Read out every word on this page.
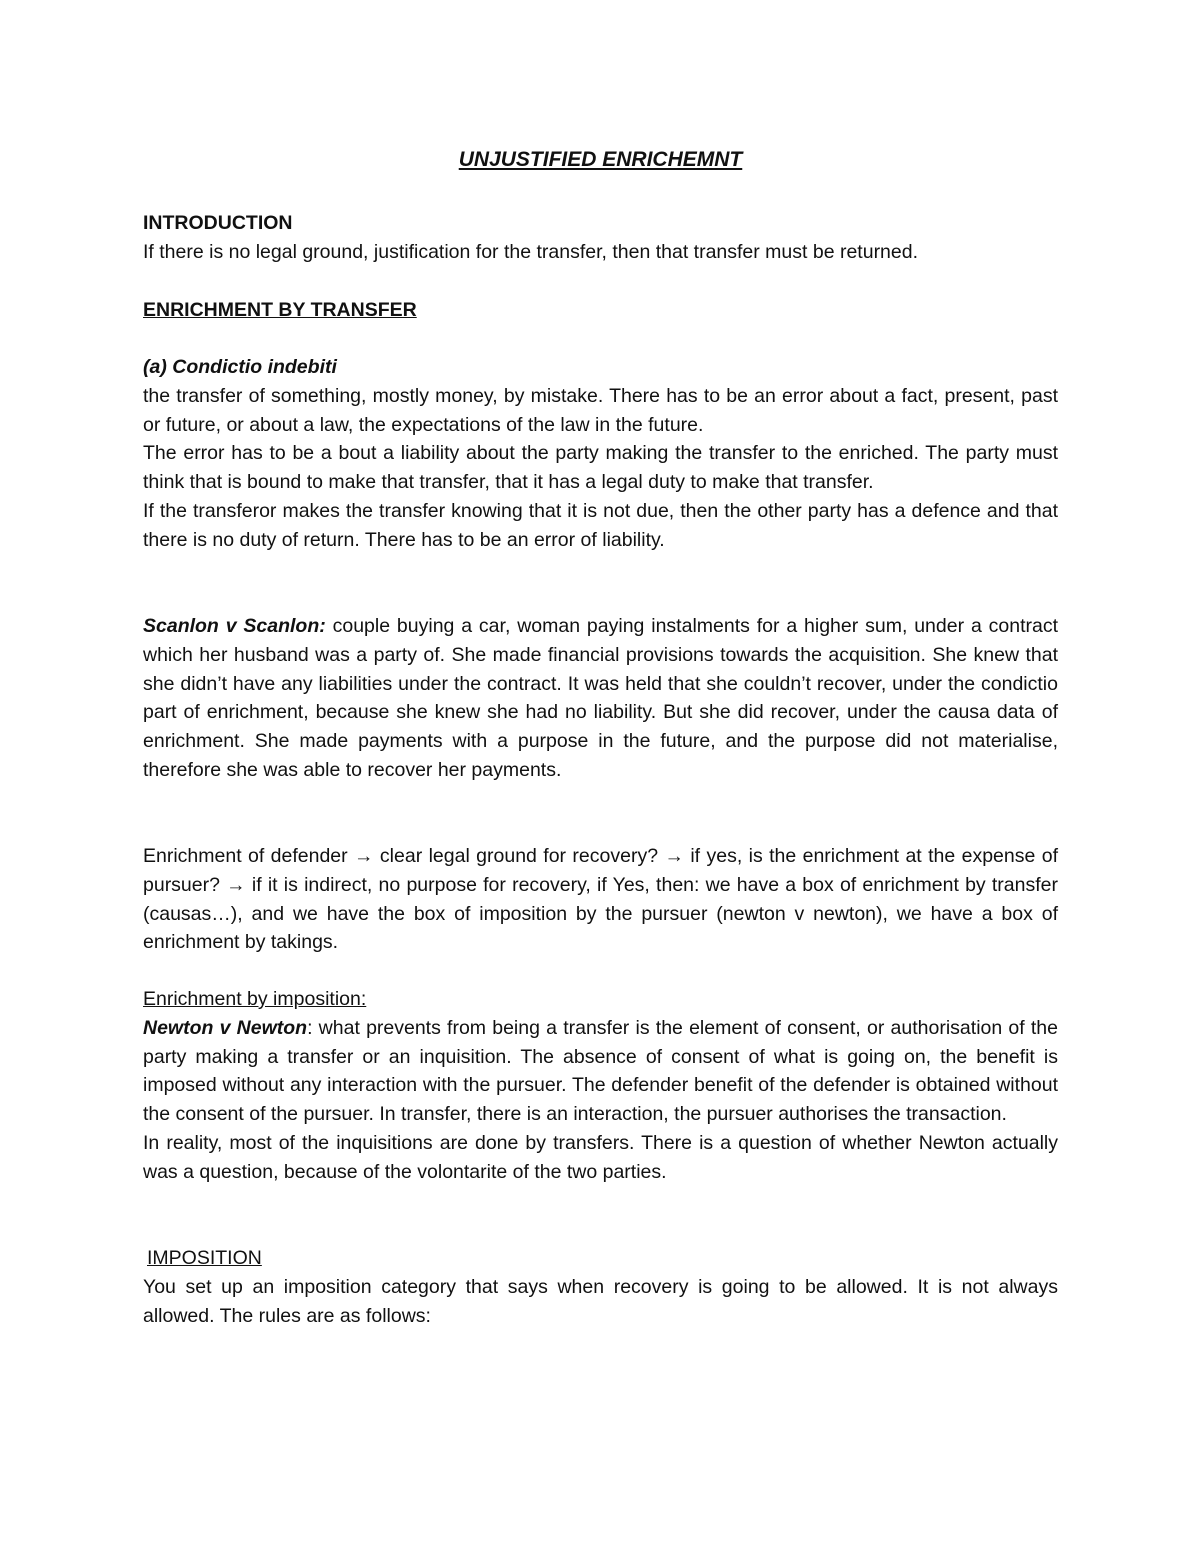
UNJUSTIFIED ENRICHEMNT
INTRODUCTION
If there is no legal ground, justification for the transfer, then that transfer must be returned.
ENRICHMENT BY TRANSFER
(a) Condictio indebiti
the transfer of something, mostly money, by mistake. There has to be an error about a fact, present, past or future, or about a law, the expectations of the law in the future.
The error has to be a bout a liability about the party making the transfer to the enriched. The party must think that is bound to make that transfer, that it has a legal duty to make that transfer.
If the transferor makes the transfer knowing that it is not due, then the other party has a defence and that there is no duty of return. There has to be an error of liability.
Scanlon v Scanlon: couple buying a car, woman paying instalments for a higher sum, under a contract which her husband was a party of. She made financial provisions towards the acquisition. She knew that she didn’t have any liabilities under the contract. It was held that she couldn’t recover, under the condictio part of enrichment, because she knew she had no liability. But she did recover, under the causa data of enrichment. She made payments with a purpose in the future, and the purpose did not materialise, therefore she was able to recover her payments.
Enrichment of defender → clear legal ground for recovery? → if yes, is the enrichment at the expense of pursuer? → if it is indirect, no purpose for recovery, if Yes, then: we have a box of enrichment by transfer (causas…), and we have the box of imposition by the pursuer (newton v newton), we have a box of enrichment by takings.
Enrichment by imposition:
Newton v Newton: what prevents from being a transfer is the element of consent, or authorisation of the party making a transfer or an inquisition. The absence of consent of what is going on, the benefit is imposed without any interaction with the pursuer. The defender benefit of the defender is obtained without the consent of the pursuer. In transfer, there is an interaction, the pursuer authorises the transaction.
In reality, most of the inquisitions are done by transfers. There is a question of whether Newton actually was a question, because of the volontarite of the two parties.
IMPOSITION
You set up an imposition category that says when recovery is going to be allowed. It is not always allowed. The rules are as follows:
